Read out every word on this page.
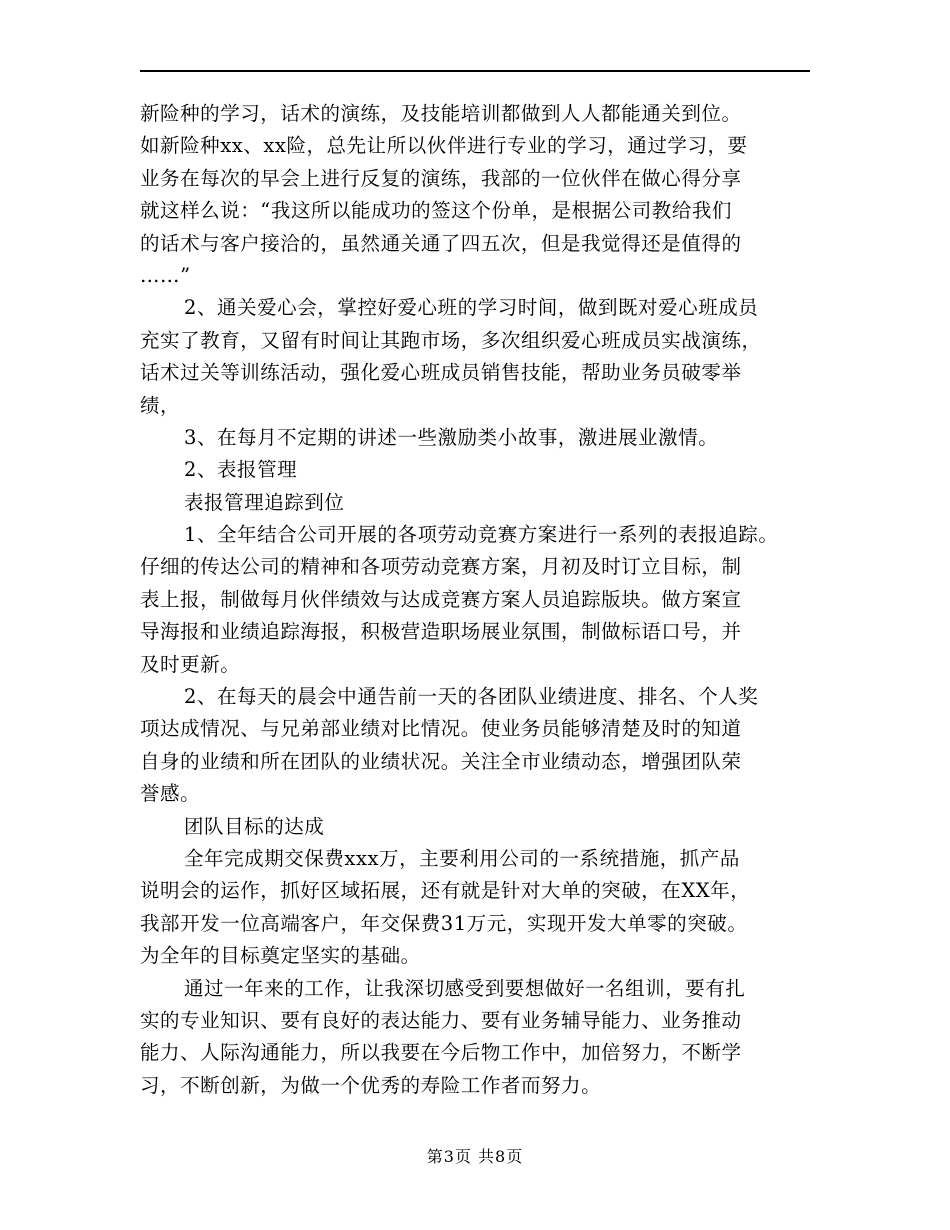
新险种的学习，话术的演练，及技能培训都做到人人都能通关到位。
如新险种xx、xx险，总先让所以伙伴进行专业的学习，通过学习，要
业务在每次的早会上进行反复的演练，我部的一位伙伴在做心得分享
就这样么说：“我这所以能成功的签这个份单，是根据公司教给我们
的话术与客户接洽的，虽然通关通了四五次，但是我觉得还是值得的
……”
2、通关爱心会，掌控好爱心班的学习时间，做到既对爱心班成员
充实了教育，又留有时间让其跑市场，多次组织爱心班成员实战演练，
话术过关等训练活动，强化爱心班成员销售技能，帮助业务员破零举
绩，
3、在每月不定期的讲述一些激励类小故事，激进展业激情。
2、表报管理
表报管理追踪到位
1、全年结合公司开展的各项劳动竞赛方案进行一系列的表报追踪。
仔细的传达公司的精神和各项劳动竞赛方案，月初及时订立目标，制
表上报，制做每月伙伴绩效与达成竞赛方案人员追踪版块。做方案宣
导海报和业绩追踪海报，积极营造职场展业氛围，制做标语口号，并
及时更新。
2、在每天的晨会中通告前一天的各团队业绩进度、排名、个人奖
项达成情况、与兄弟部业绩对比情况。使业务员能够清楚及时的知道
自身的业绩和所在团队的业绩状况。关注全市业绩动态，增强团队荣
誉感。
团队目标的达成
全年完成期交保费xxx万，主要利用公司的一系统措施，抓产品
说明会的运作，抓好区域拓展，还有就是针对大单的突破，在XX年，
我部开发一位高端客户，年交保费31万元，实现开发大单零的突破。
为全年的目标奠定坚实的基础。
通过一年来的工作，让我深切感受到要想做好一名组训，要有扎
实的专业知识、要有良好的表达能力、要有业务辅导能力、业务推动
能力、人际沟通能力，所以我要在今后物工作中，加倍努力，不断学
习，不断创新，为做一个优秀的寿险工作者而努力。
第3页 共8页
